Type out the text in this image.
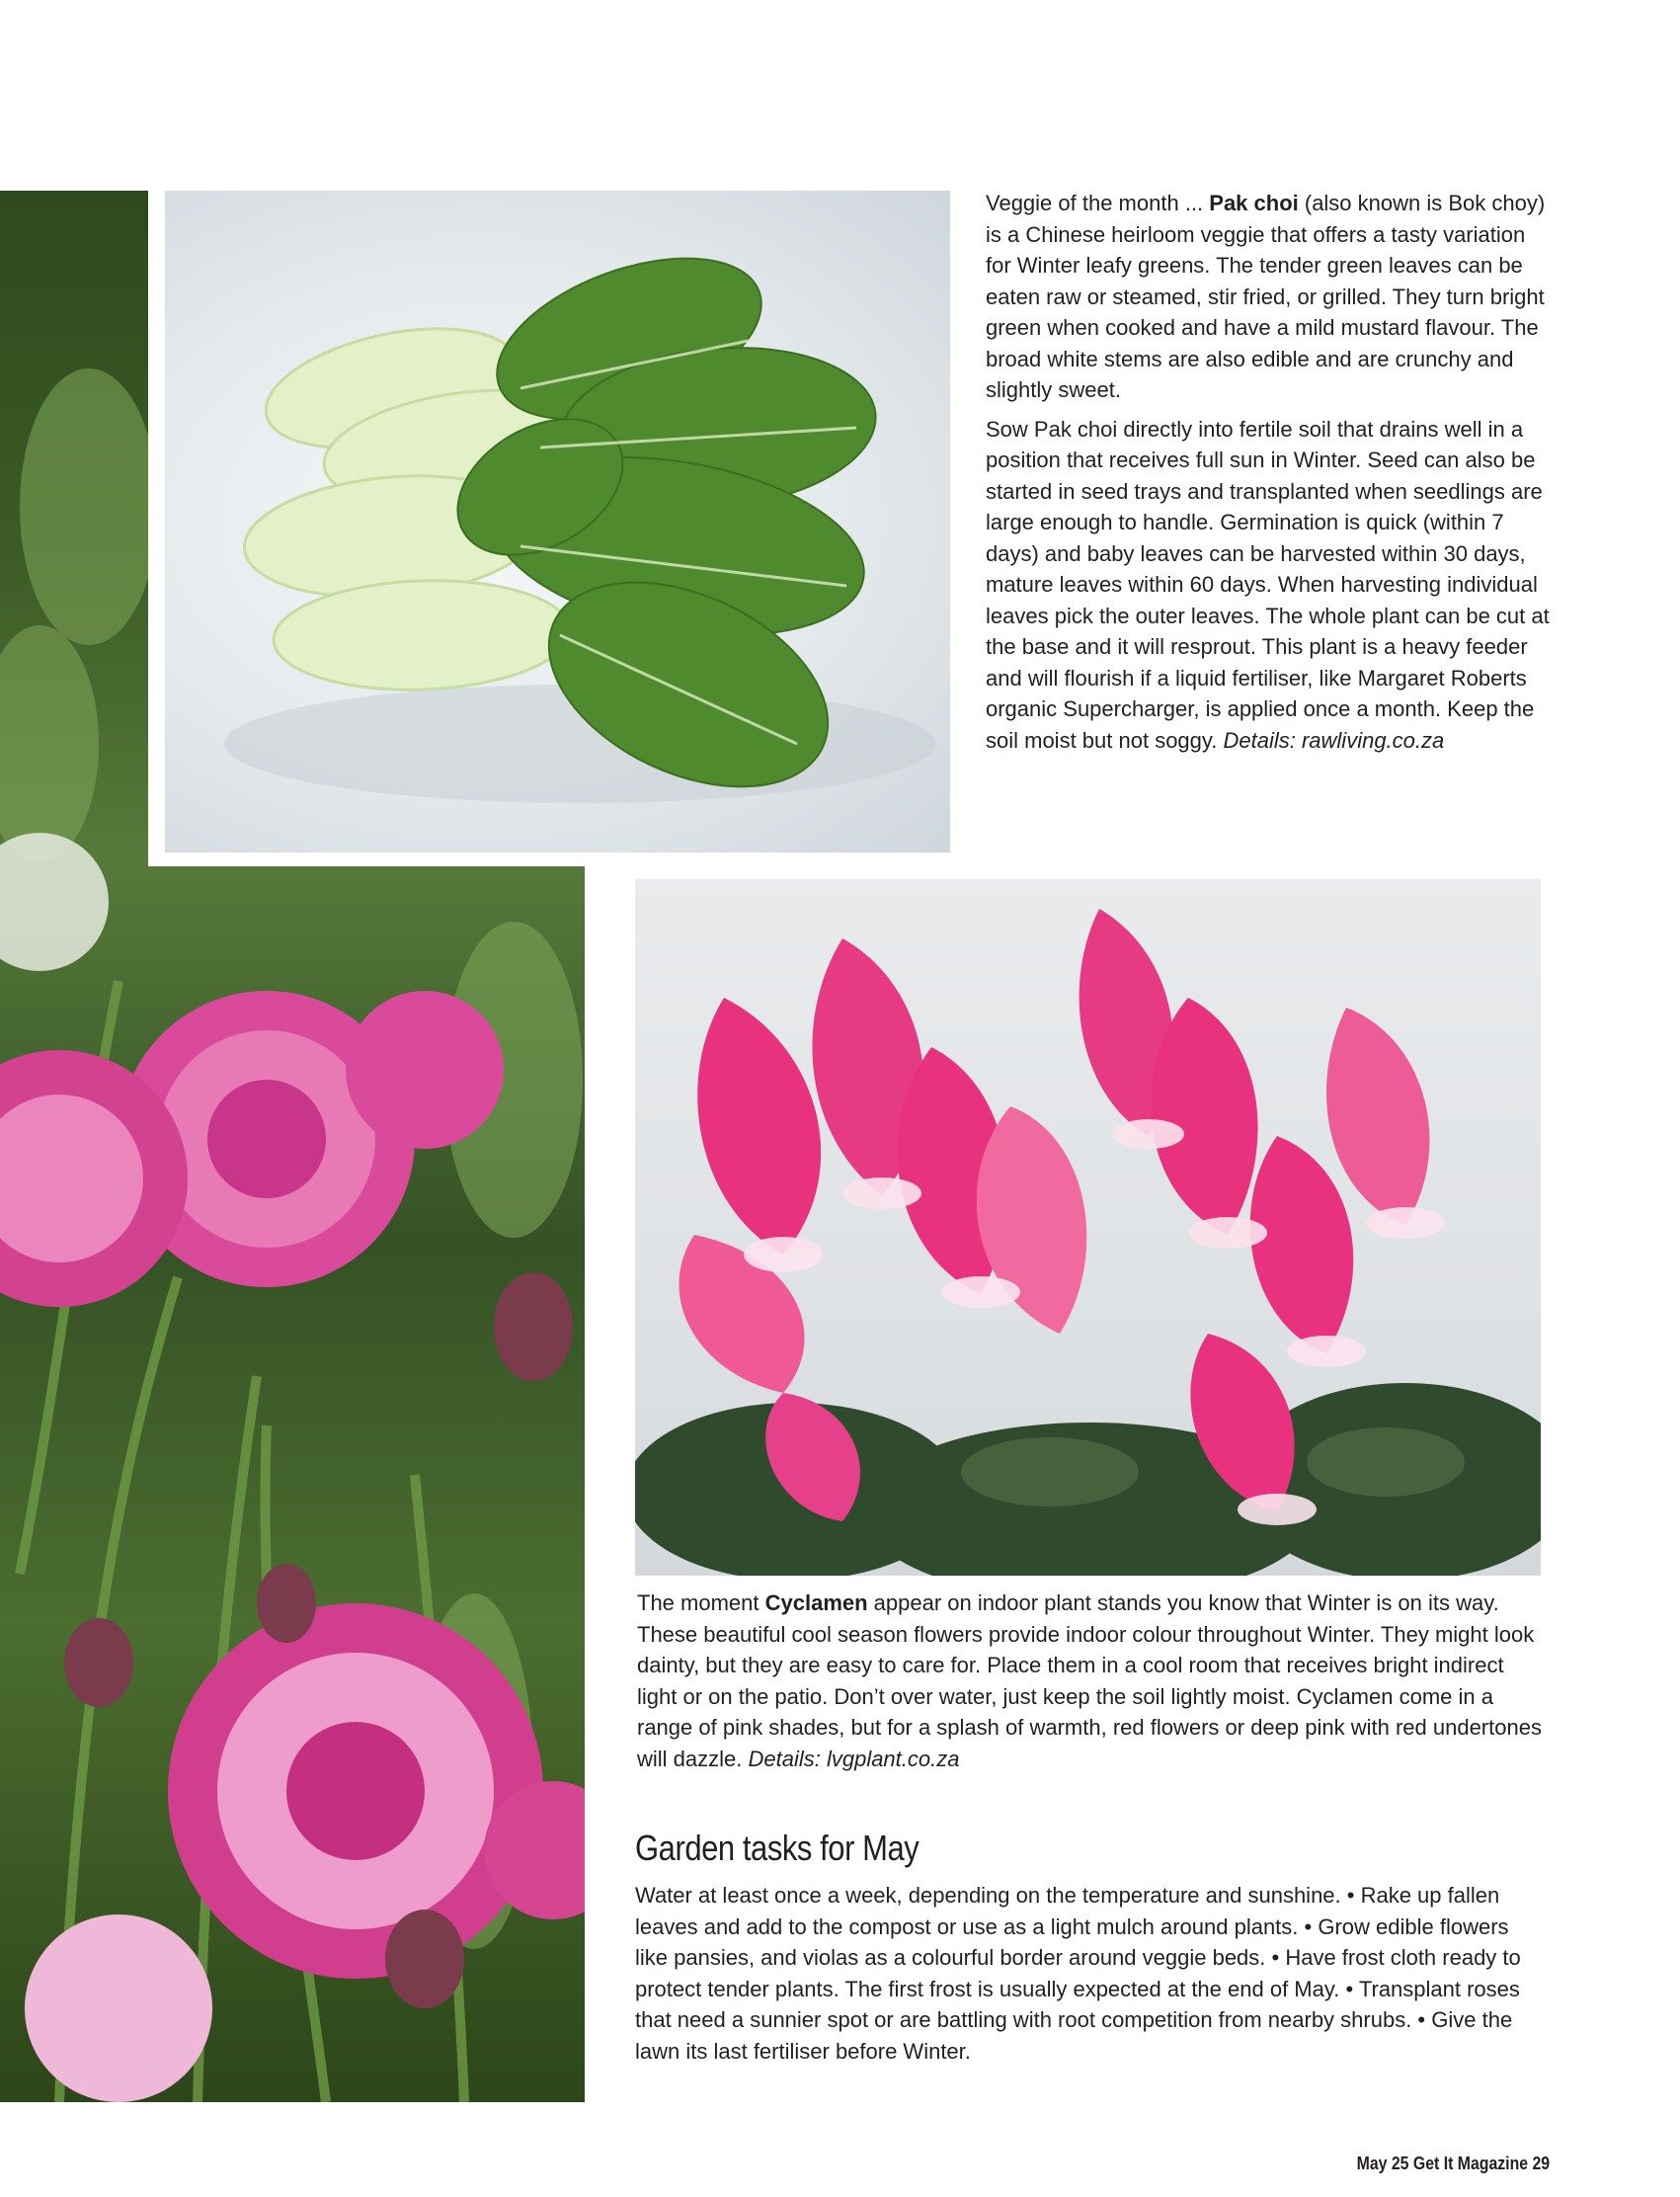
Veggie of the month ... Pak choi (also known is Bok choy) is a Chinese heirloom veggie that offers a tasty variation for Winter leafy greens. The tender green leaves can be eaten raw or steamed, stir fried, or grilled. They turn bright green when cooked and have a mild mustard flavour. The broad white stems are also edible and are crunchy and slightly sweet.

Sow Pak choi directly into fertile soil that drains well in a position that receives full sun in Winter. Seed can also be started in seed trays and transplanted when seedlings are large enough to handle. Germination is quick (within 7 days) and baby leaves can be harvested within 30 days, mature leaves within 60 days. When harvesting individual leaves pick the outer leaves. The whole plant can be cut at the base and it will resprout. This plant is a heavy feeder and will flourish if a liquid fertiliser, like Margaret Roberts organic Supercharger, is applied once a month. Keep the soil moist but not soggy. Details: rawliving.co.za

The moment Cyclamen appear on indoor plant stands you know that Winter is on its way. These beautiful cool season flowers provide indoor colour throughout Winter. They might look dainty, but they are easy to care for. Place them in a cool room that receives bright indirect light or on the patio. Don’t over water, just keep the soil lightly moist. Cyclamen come in a range of pink shades, but for a splash of warmth, red flowers or deep pink with red undertones will dazzle. Details: lvgplant.co.za

Garden tasks for May

Water at least once a week, depending on the temperature and sunshine. • Rake up fallen leaves and add to the compost or use as a light mulch around plants. • Grow edible flowers like pansies, and violas as a colourful border around veggie beds. • Have frost cloth ready to protect tender plants. The first frost is usually expected at the end of May. • Transplant roses that need a sunnier spot or are battling with root competition from nearby shrubs. • Give the lawn its last fertiliser before Winter.

May 25 Get It Magazine 29
